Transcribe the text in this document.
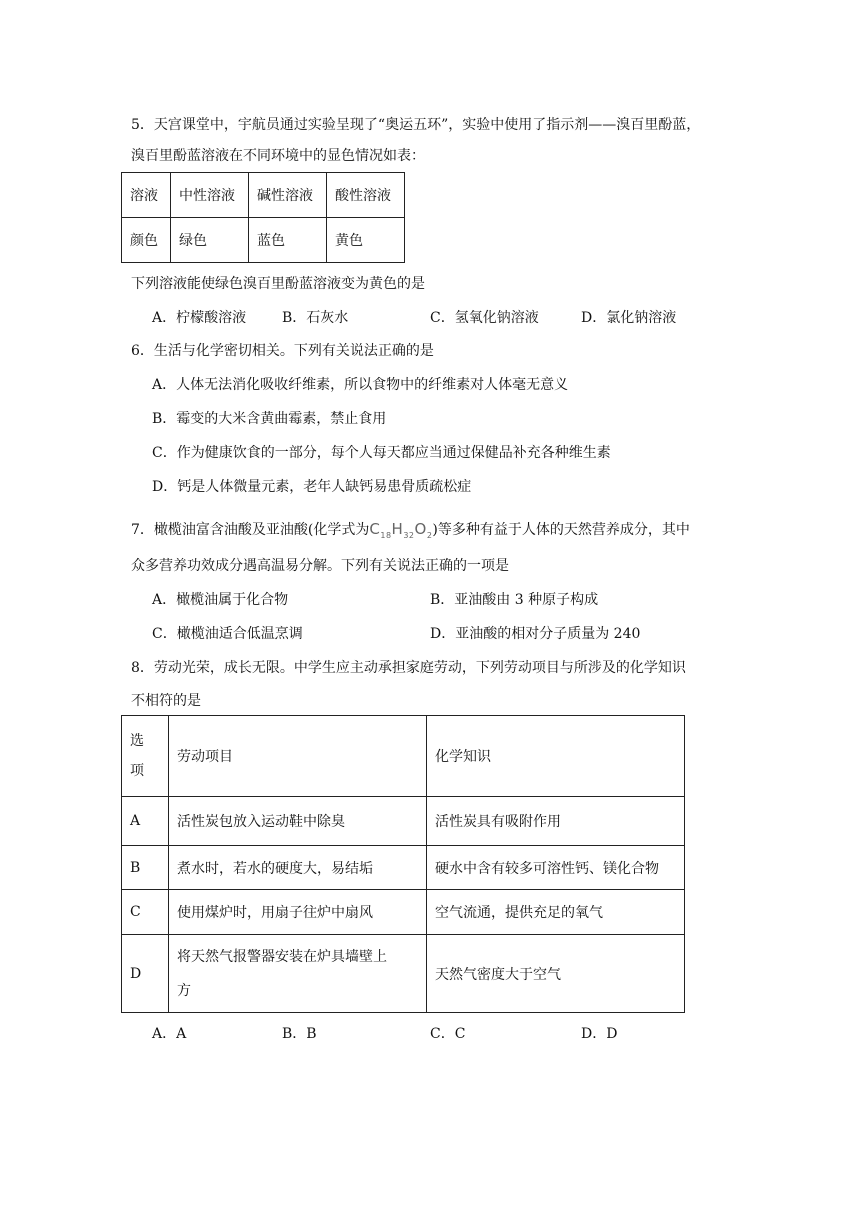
5．天宫课堂中，宇航员通过实验呈现了“奥运五环”，实验中使用了指示剂——溴百里酚蓝，
溴百里酚蓝溶液在不同环境中的显色情况如表：
溶液	中性溶液	碱性溶液	酸性溶液
颜色	绿色	蓝色	黄色
下列溶液能使绿色溴百里酚蓝溶液变为黄色的是
A．柠檬酸溶液	B．石灰水	C．氢氧化钠溶液	D．氯化钠溶液
6．生活与化学密切相关。下列有关说法正确的是
A．人体无法消化吸收纤维素，所以食物中的纤维素对人体毫无意义
B．霉变的大米含黄曲霉素，禁止食用
C．作为健康饮食的一部分，每个人每天都应当通过保健品补充各种维生素
D．钙是人体微量元素，老年人缺钙易患骨质疏松症
7．橄榄油富含油酸及亚油酸(化学式为$C_{18}H_{32}O_2$)等多种有益于人体的天然营养成分，其中
众多营养功效成分遇高温易分解。下列有关说法正确的一项是
A．橄榄油属于化合物	B．亚油酸由 3 种原子构成
C．橄榄油适合低温烹调	D．亚油酸的相对分子质量为 240
8．劳动光荣，成长无限。中学生应主动承担家庭劳动，下列劳动项目与所涉及的化学知识
不相符的是
选
项	劳动项目	化学知识
A	活性炭包放入运动鞋中除臭	活性炭具有吸附作用
B	煮水时，若水的硬度大，易结垢	硬水中含有较多可溶性钙、镁化合物
C	使用煤炉时，用扇子往炉中扇风	空气流通，提供充足的氧气
D	将天然气报警器安装在炉具墙壁上
方	天然气密度大于空气
A．A	B．B	C．C	D．D
